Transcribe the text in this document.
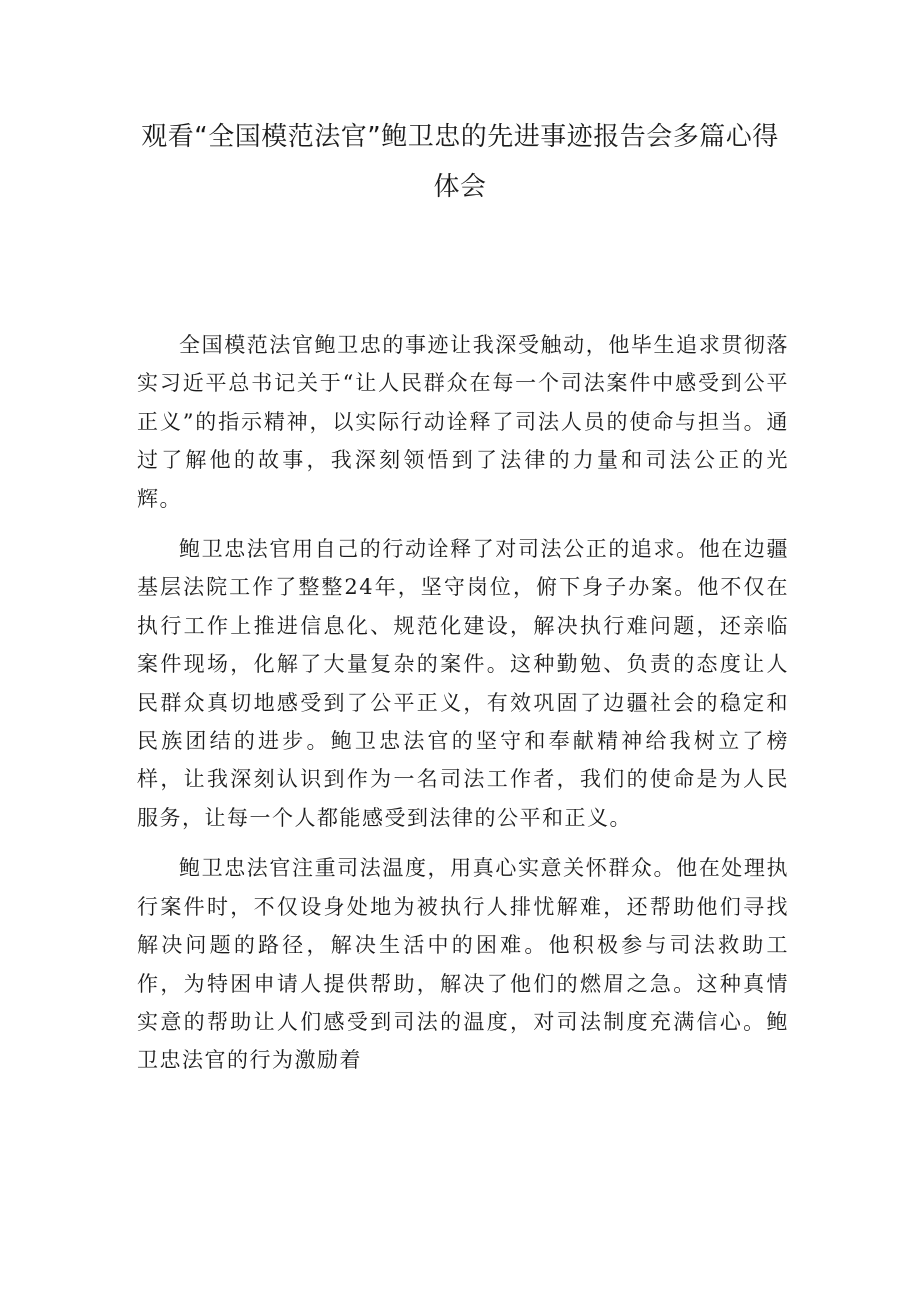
观看“全国模范法官”鲍卫忠的先进事迹报告会多篇心得体会

全国模范法官鲍卫忠的事迹让我深受触动，他毕生追求贯彻落实习近平总书记关于“让人民群众在每一个司法案件中感受到公平正义”的指示精神，以实际行动诠释了司法人员的使命与担当。通过了解他的故事，我深刻领悟到了法律的力量和司法公正的光辉。

鲍卫忠法官用自己的行动诠释了对司法公正的追求。他在边疆基层法院工作了整整24年，坚守岗位，俯下身子办案。他不仅在执行工作上推进信息化、规范化建设，解决执行难问题，还亲临案件现场，化解了大量复杂的案件。这种勤勉、负责的态度让人民群众真切地感受到了公平正义，有效巩固了边疆社会的稳定和民族团结的进步。鲍卫忠法官的坚守和奉献精神给我树立了榜样，让我深刻认识到作为一名司法工作者，我们的使命是为人民服务，让每一个人都能感受到法律的公平和正义。

鲍卫忠法官注重司法温度，用真心实意关怀群众。他在处理执行案件时，不仅设身处地为被执行人排忧解难，还帮助他们寻找解决问题的路径，解决生活中的困难。他积极参与司法救助工作，为特困申请人提供帮助，解决了他们的燃眉之急。这种真情实意的帮助让人们感受到司法的温度，对司法制度充满信心。鲍卫忠法官的行为激励着
